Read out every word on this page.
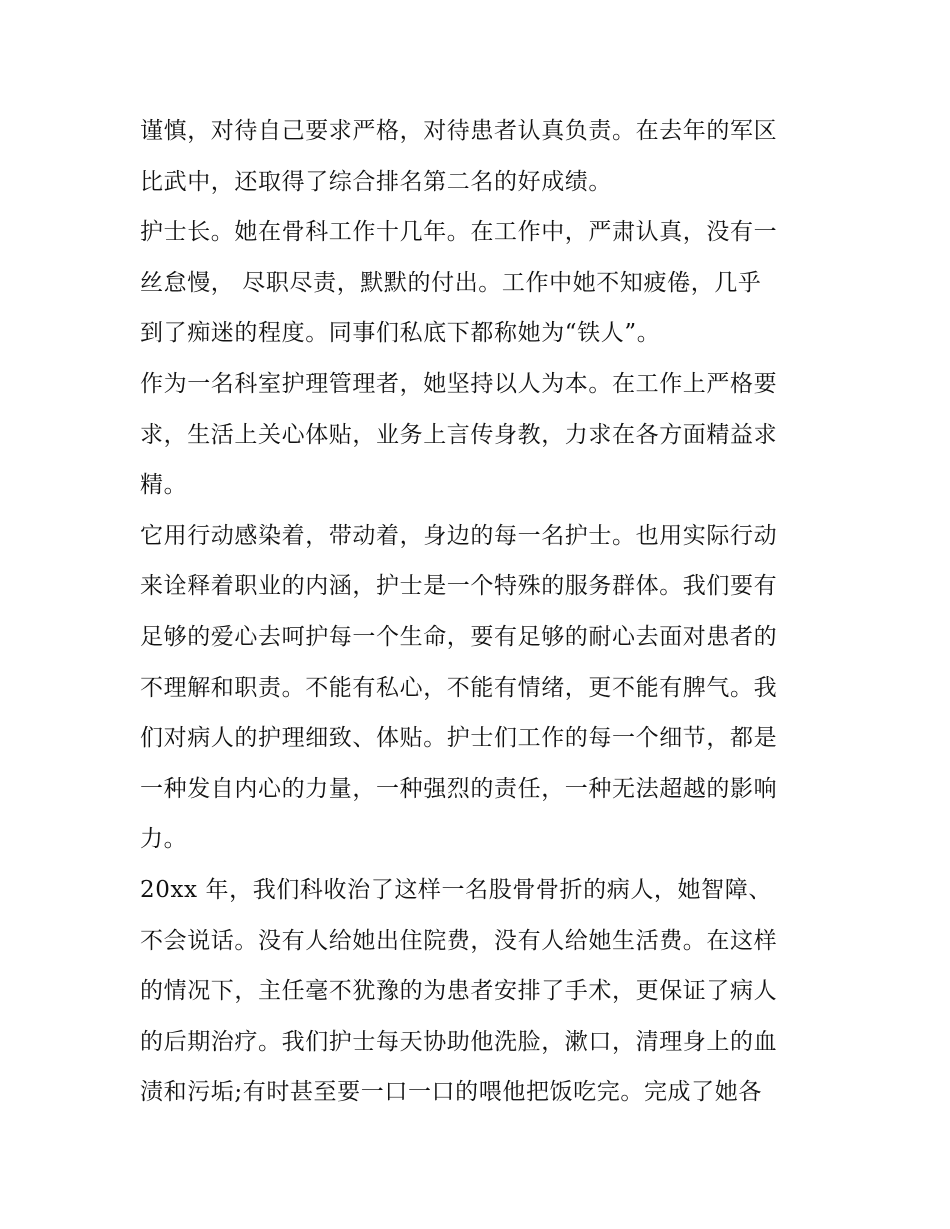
谨慎，对待自己要求严格，对待患者认真负责。在去年的军区
比武中，还取得了综合排名第二名的好成绩。
护士长。她在骨科工作十几年。在工作中，严肃认真，没有一
丝怠慢， 尽职尽责，默默的付出。工作中她不知疲倦，几乎
到了痴迷的程度。同事们私底下都称她为“铁人”。
作为一名科室护理管理者，她坚持以人为本。在工作上严格要
求，生活上关心体贴，业务上言传身教，力求在各方面精益求
精。
它用行动感染着，带动着，身边的每一名护士。也用实际行动
来诠释着职业的内涵，护士是一个特殊的服务群体。我们要有
足够的爱心去呵护每一个生命，要有足够的耐心去面对患者的
不理解和职责。不能有私心，不能有情绪，更不能有脾气。我
们对病人的护理细致、体贴。护士们工作的每一个细节，都是
一种发自内心的力量，一种强烈的责任，一种无法超越的影响
力。
20xx 年，我们科收治了这样一名股骨骨折的病人，她智障、
不会说话。没有人给她出住院费，没有人给她生活费。在这样
的情况下，主任毫不犹豫的为患者安排了手术，更保证了病人
的后期治疗。我们护士每天协助他洗脸，漱口，清理身上的血
渍和污垢;有时甚至要一口一口的喂他把饭吃完。完成了她各
